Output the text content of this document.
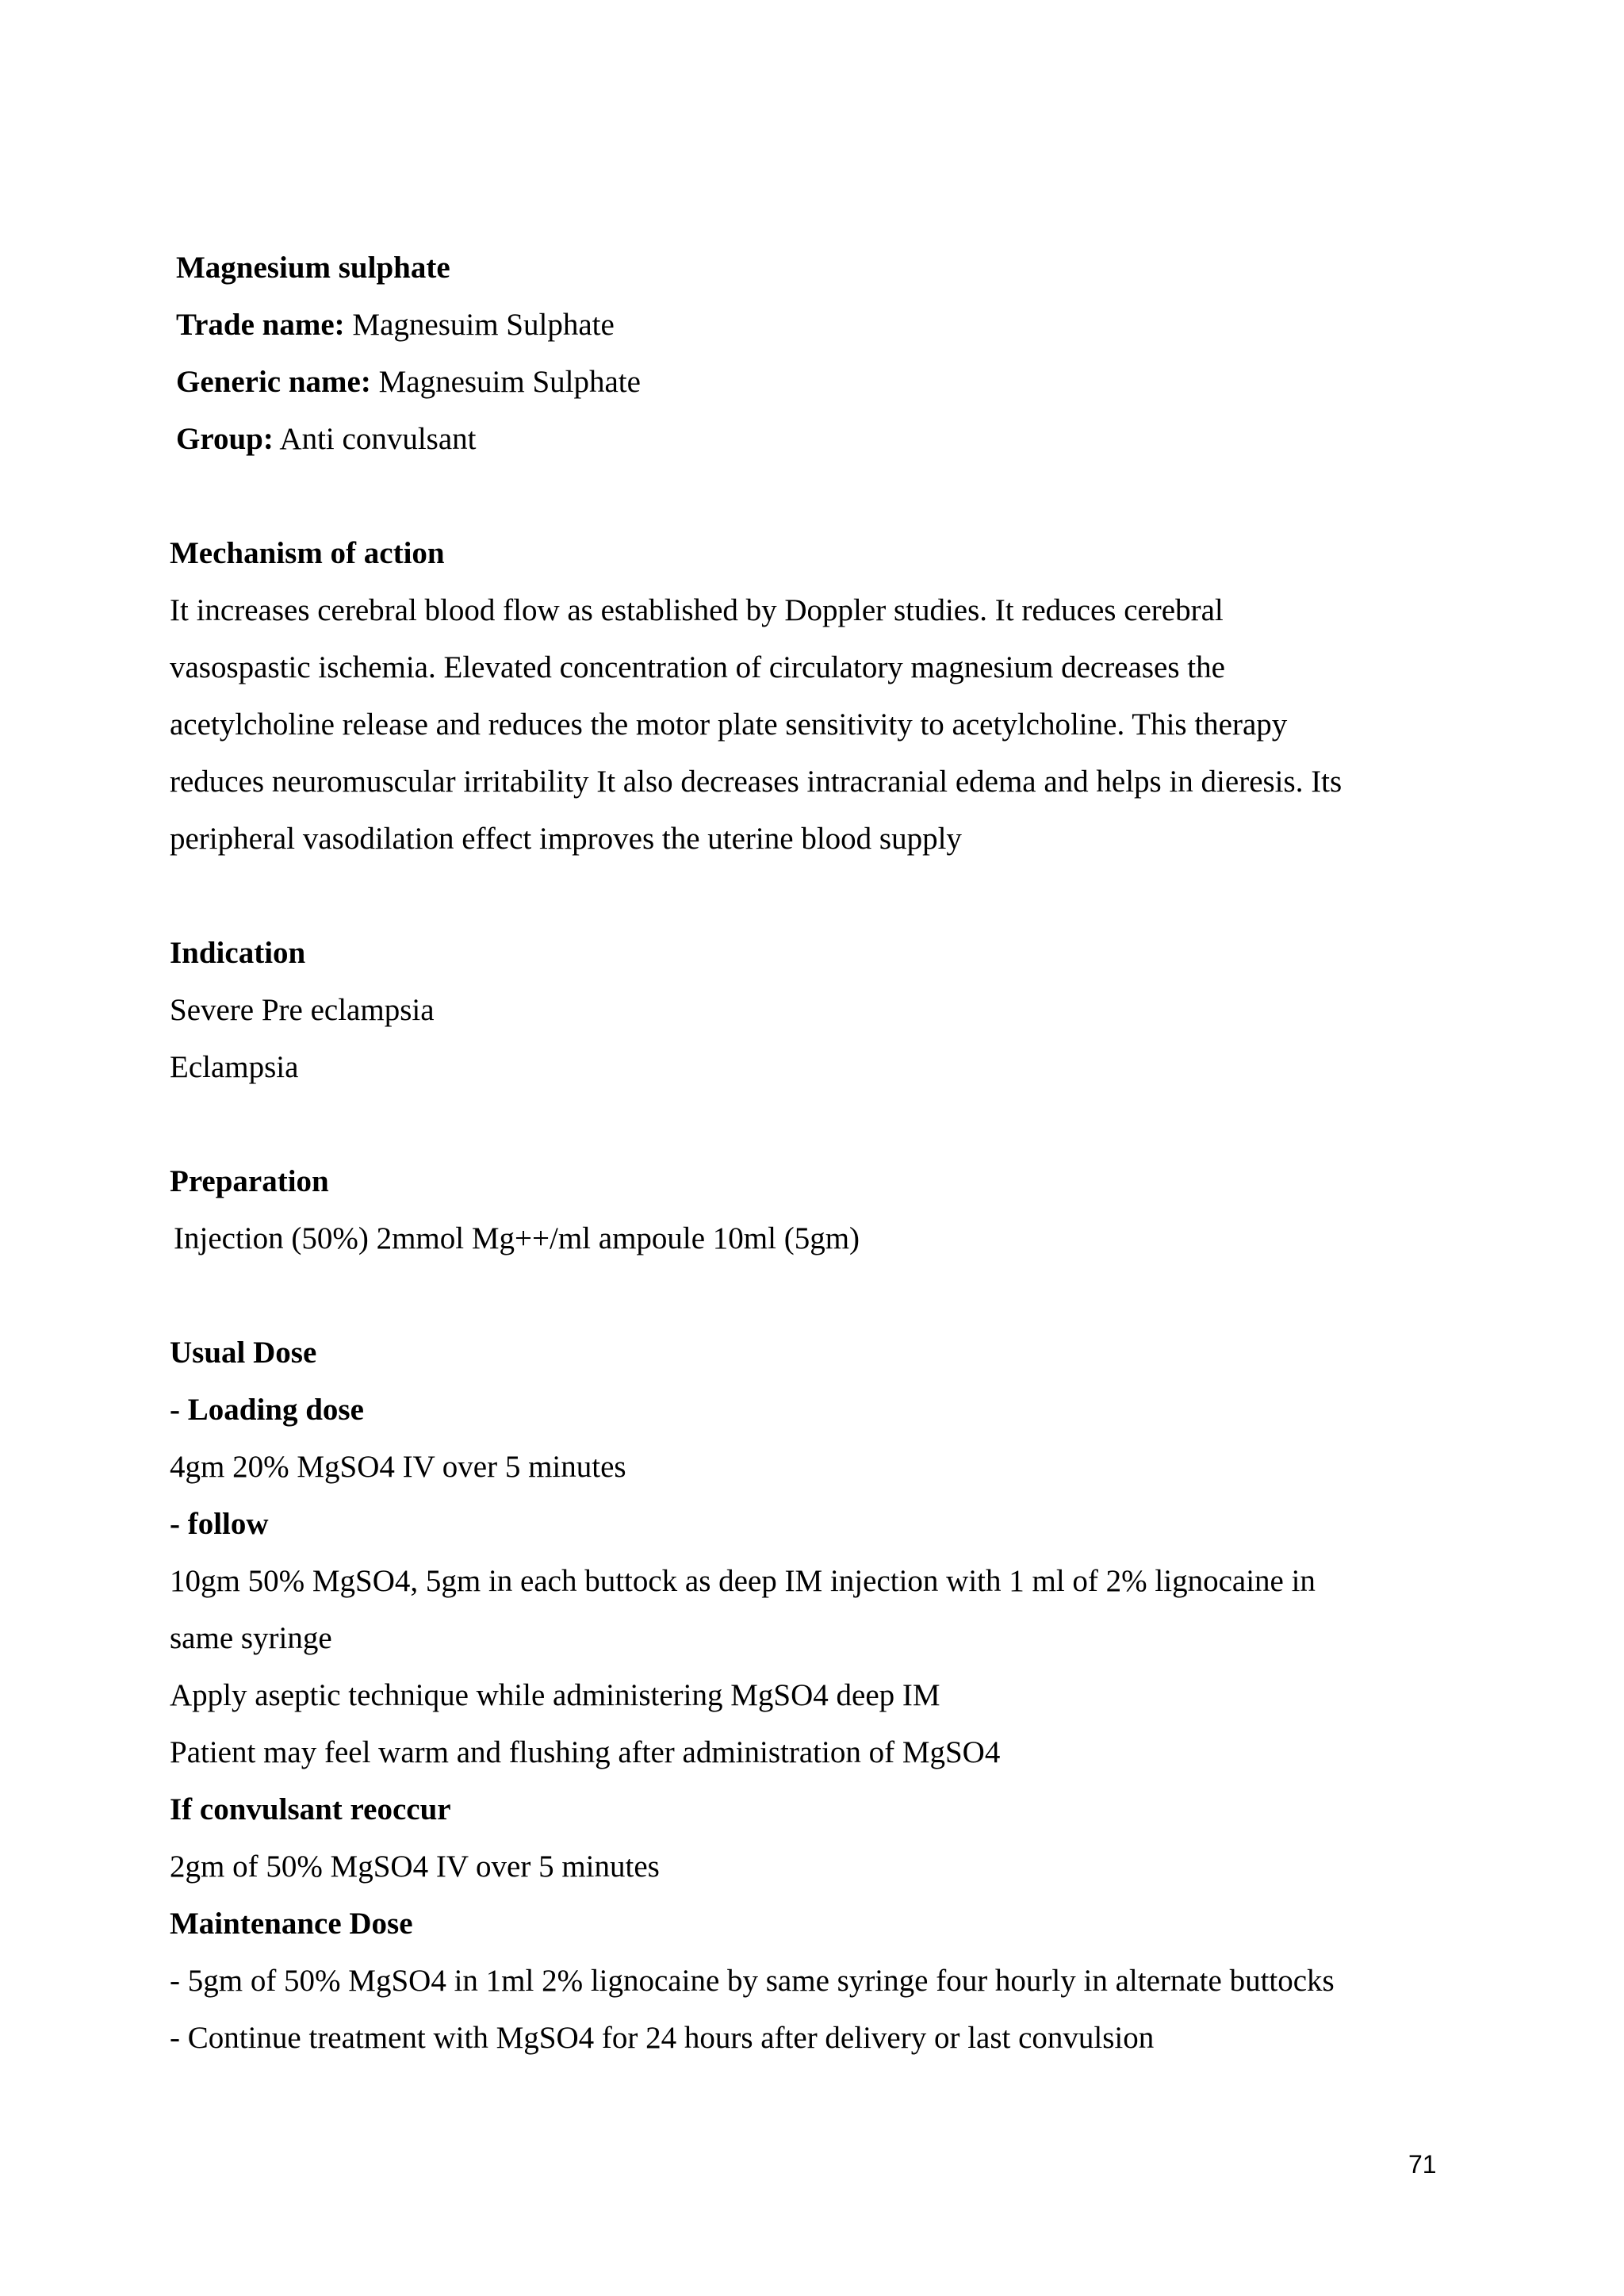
Magnesium sulphate

Trade name: Magnesuim Sulphate

Generic name: Magnesuim Sulphate

Group: Anti convulsant

Mechanism of action

It increases cerebral blood flow as established by Doppler studies. It reduces cerebral

vasospastic ischemia. Elevated concentration of circulatory magnesium decreases the

acetylcholine release and reduces the motor plate sensitivity to acetylcholine. This therapy

reduces neuromuscular irritability It also decreases intracranial edema and helps in dieresis. Its

peripheral vasodilation effect improves the uterine blood supply

Indication

Severe Pre eclampsia

Eclampsia

Preparation

Injection (50%) 2mmol Mg++/ml ampoule 10ml (5gm)

Usual Dose

- Loading dose

4gm 20% MgSO4 IV over 5 minutes

- follow

10gm 50% MgSO4, 5gm in each buttock as deep IM injection with 1 ml of 2% lignocaine in

same syringe

Apply aseptic technique while administering MgSO4 deep IM

Patient may feel warm and flushing after administration of MgSO4

If convulsant reoccur

2gm of 50% MgSO4 IV over 5 minutes

Maintenance Dose

- 5gm of 50% MgSO4 in 1ml 2% lignocaine by same syringe four hourly in alternate buttocks

- Continue treatment with MgSO4 for 24 hours after delivery or last convulsion

71
